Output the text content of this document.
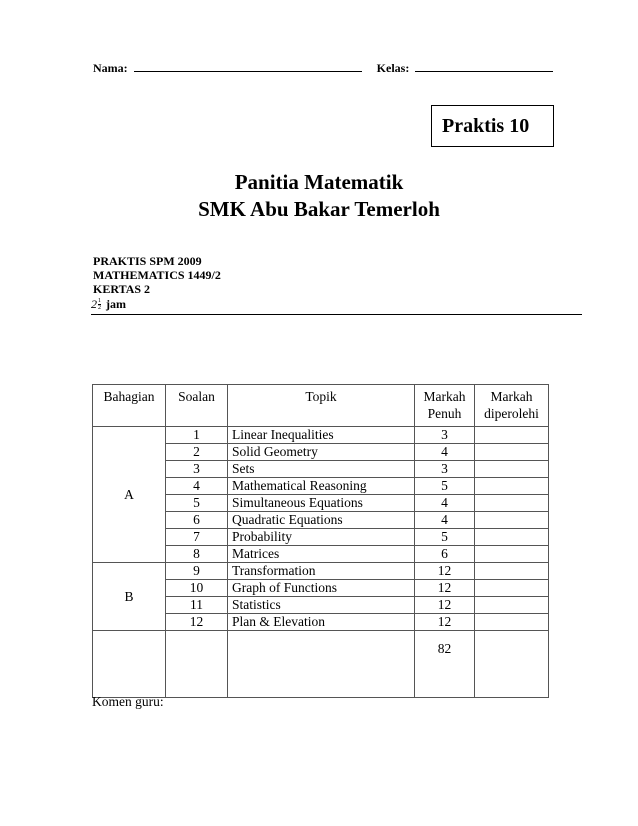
Nama:	Kelas:
Praktis 10
Panitia Matematik
SMK Abu Bakar Temerloh
PRAKTIS SPM 2009
MATHEMATICS 1449/2
KERTAS 2
$2 \frac{1}{2}$ jam
Bahagian	Soalan	Topik	Markah Penuh	Markah diperolehi
A	1	Linear Inequalities	3	
	2	Solid Geometry	4	
	3	Sets	3	
	4	Mathematical Reasoning	5	
	5	Simultaneous Equations	4	
	6	Quadratic Equations	4	
	7	Probability	5	
	8	Matrices	6	
B	9	Transformation	12	
	10	Graph of Functions	12	
	11	Statistics	12	
	12	Plan & Elevation	12	
			82	
Komen guru:
